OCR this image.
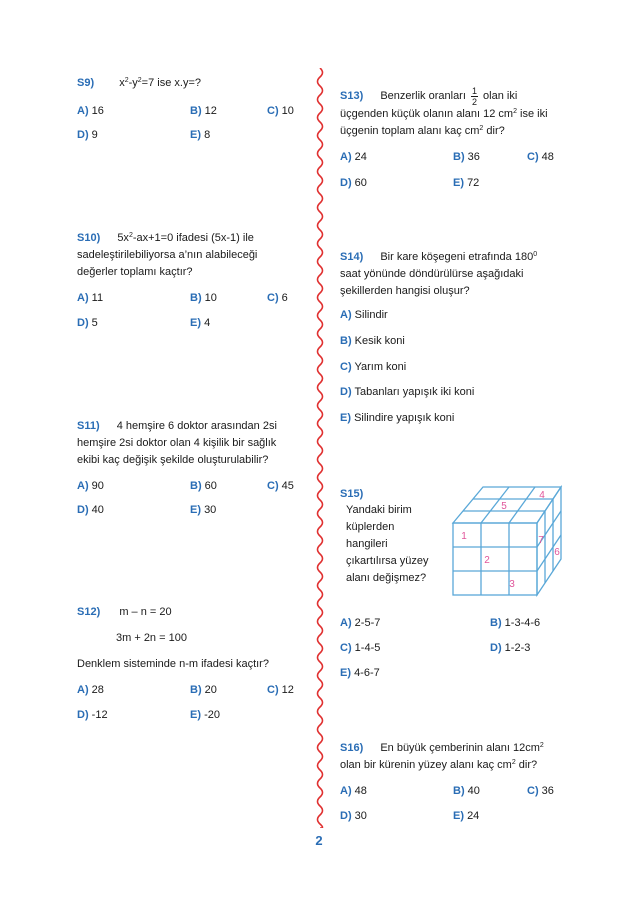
S9) $x^2-y^2=7$ ise x.y=?
A) 16	B) 12	C) 10
D) 9	E) 8
S10) $5x^2-ax+1=0$ ifadesi (5x-1) ile
sadeleştirilebiliyorsa a’nın alabileceği
değerler toplamı kaçtır?
A) 11	B) 10	C) 6
D) 5	E) 4
S11) 4 hemşire 6 doktor arasından 2si
hemşire 2si doktor olan 4 kişilik bir sağlık
ekibi kaç değişik şekilde oluşturulabilir?
A) 90	B) 60	C) 45
D) 40	E) 30
S12) m – n = 20
3m + 2n = 100
Denklem sisteminde n-m ifadesi kaçtır?
A) 28	B) 20	C) 12
D) -12	E) -20
S13) Benzerlik oranları $\frac{1}{2}$ olan iki
üçgenden küçük olanın alanı 12 $cm^2$ ise iki
üçgenin toplam alanı kaç $cm^2$ dir?
A) 24	B) 36	C) 48
D) 60	E) 72
S14) Bir kare köşegeni etrafında $180^0$
saat yönünde döndürülürse aşağıdaki
şekillerden hangisi oluşur?
A) Silindir
B) Kesik koni
C) Yarım koni
D) Tabanları yapışık iki koni
E) Silindire yapışık koni
S15)
Yandaki birim
küplerden
hangileri
çıkartılırsa yüzey
alanı değişmez?
1
2
3
4
5
6
7
A) 2-5-7	B) 1-3-4-6
C) 1-4-5	D) 1-2-3
E) 4-6-7
S16) En büyük çemberinin alanı $12cm^2$
olan bir kürenin yüzey alanı kaç $cm^2$ dir?
A) 48	B) 40	C) 36
D) 30	E) 24
2
